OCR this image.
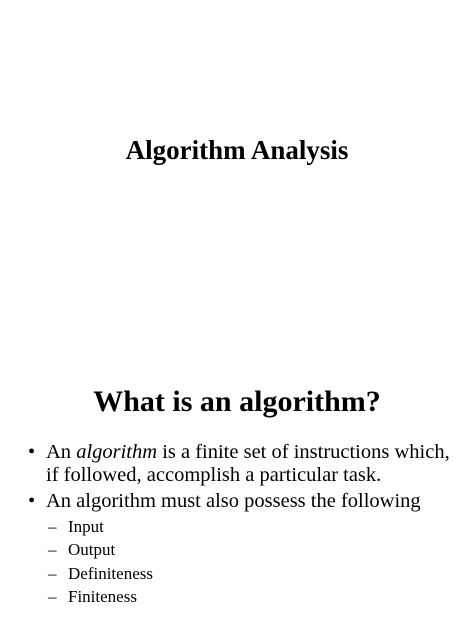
Algorithm Analysis
What is an algorithm?
• An algorithm is a finite set of instructions which, if followed, accomplish a particular task.
• An algorithm must also possess the following
– Input
– Output
– Definiteness
– Finiteness
